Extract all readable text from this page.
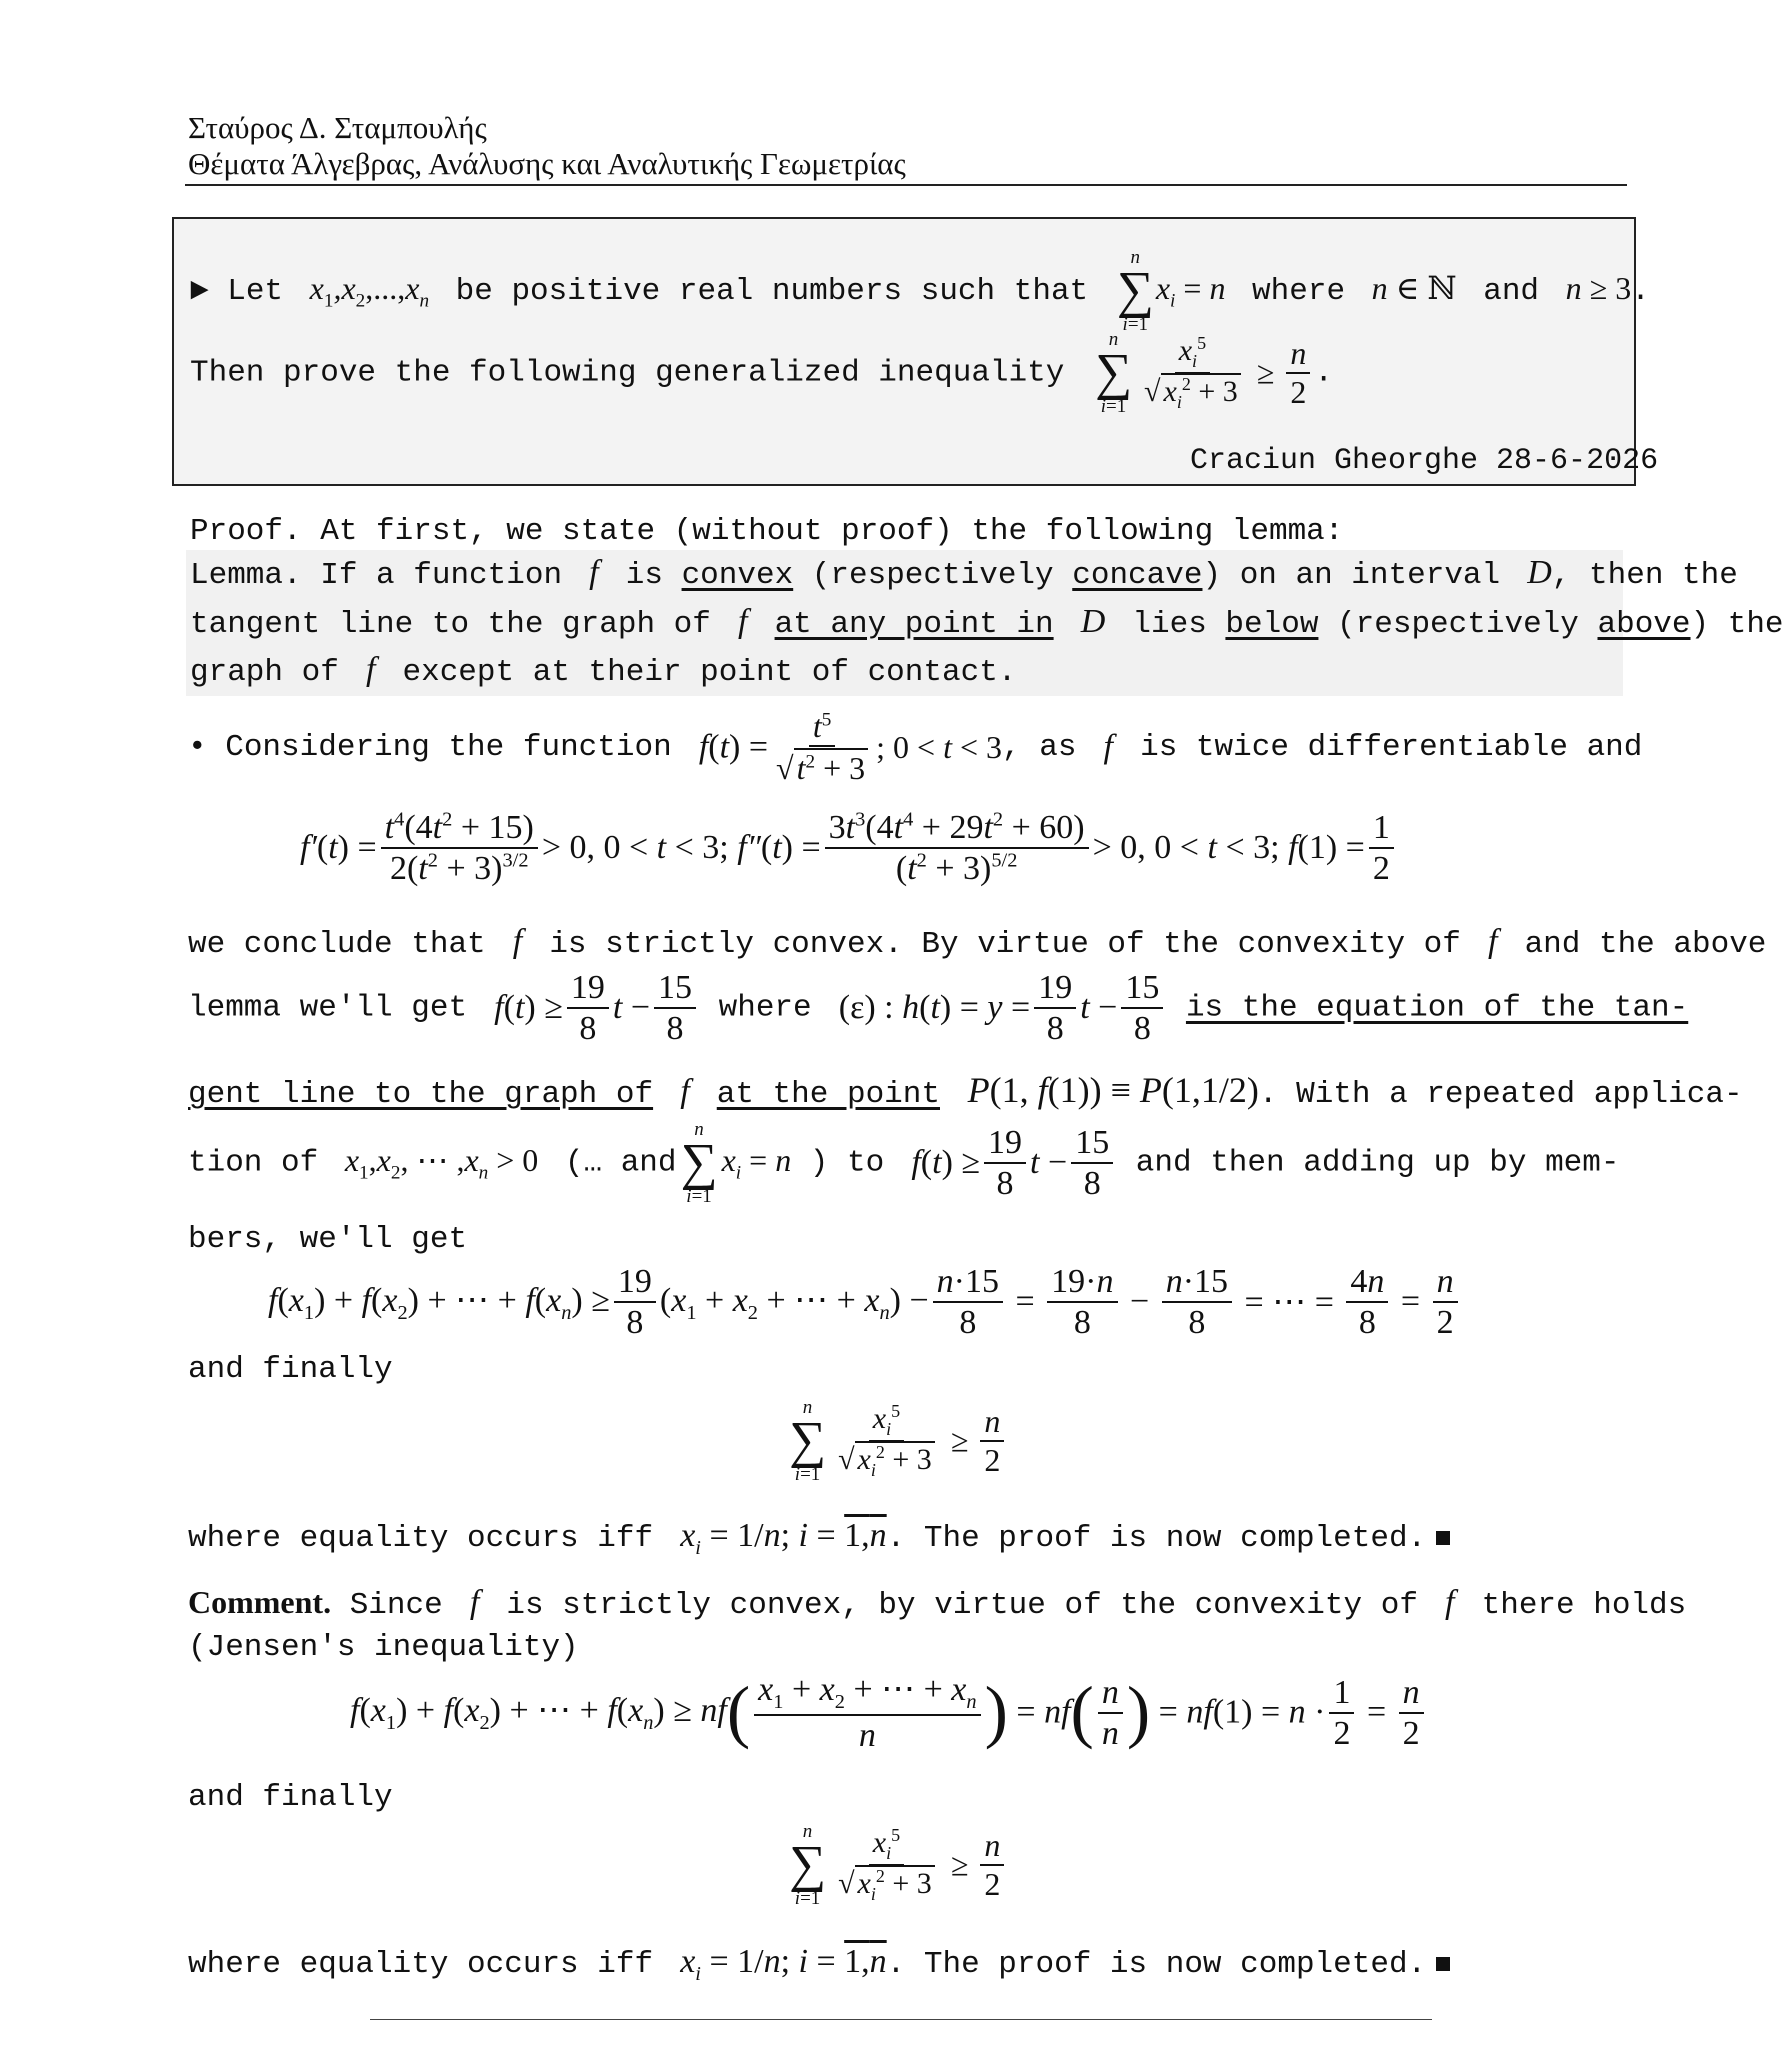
Σταύρος Δ. Σταμπουλής
Θέματα Άλγεβρας, Ανάλυσης και Αναλυτικής Γεωμετρίας
► Let  $x_1,x_2,...,x_n$ be positive real numbers such that
n
∑
i=1
$x_i = n$  where  n ∈ ℕ and  n ≥ 3.
Then prove the following generalized inequality
n
∑
$i=1 \frac{x_i^5}{√ x_i^2 + 3} \ge \frac{n}{2}$ .
Craciun Gheorghe 28-6-2026
Proof. At first, we state (without proof) the following lemma:
Lemma. If a function  f  is convex (respectively concave) on an interval  D, then the
tangent line to the graph of  f  at any point in  D  lies below (respectively above) the
graph of  f  except at their point of contact.
• Considering the function  $f(t) = \frac{t^5}{√t^2 + 3}$ ; 0 < t < 3, as  f  is twice differentiable and
$f'(t) = \frac{t^4(4t^2 + 15)}{2(t^2 + 3)^{3/2}} > 0$, 0 < t < 3; $f''(t) = \frac{3t^3(4t^4 + 29t^2 + 60)}{(t^2 + 3)^{5/2}} > 0$, 0 < t < 3; $f(1) = \frac{1}{2}$
we conclude that  f  is strictly convex. By virtue of the convexity of  f  and the above
lemma we'll get  $f(t) \ge \frac{19}{8}$ $t - \frac{15}{8}$ where (ε) : $h(t) = y = \frac{19}{8}$ $t - \frac{15}{8}$ is the equation of the tan-
gent line to the graph of  f  at the point  P(1, f(1)) ≡ P(1,1/2). With a repeated applica-
tion of  $x_1,x_2$, ⋯ $,x_n > 0$ (… and
n
∑
i=1
$x_i = n$ ) to  $f(t) \ge \frac{19}{8}$ $t - \frac{15}{8}$ and then adding up by mem-
bers, we'll get
$f(x_1) + f(x_2)$ + ⋯ + $f(x_n) \ge \frac{19}{8} (x_1 + x_2$ + ⋯ + $x_n) - \frac{n\cdot 15}{8} = \frac{19\cdot n}{8} - \frac{n\cdot 15}{8}$ = ⋯ = $\frac{4n}{8} = \frac{n}{2}$
and finally
n
∑
$i=1 \frac{x_i^5}{√ x_i^2 + 3} \ge \frac{n}{2}$
where equality occurs iff  $x_i = 1/n$; i = 1,n. The proof is now completed.
Comment. Since  f  is strictly convex, by virtue of the convexity of  f  there holds
(Jensen's inequality)
$f(x_1) + f(x_2)$ + ⋯ + $f(x_n) \ge nf( \frac{x_1 + x_2 + \cdots + x_n}{n}$ ) = $nf( \frac{n}{n}$ ) = $nf(1) = n \cdot \frac{1}{2} = \frac{n}{2}$
and finally
n
∑
$i=1 \frac{x_i^5}{√ x_i^2 + 3} \ge \frac{n}{2}$
where equality occurs iff  $x_i = 1/n$; i = 1,n. The proof is now completed.
